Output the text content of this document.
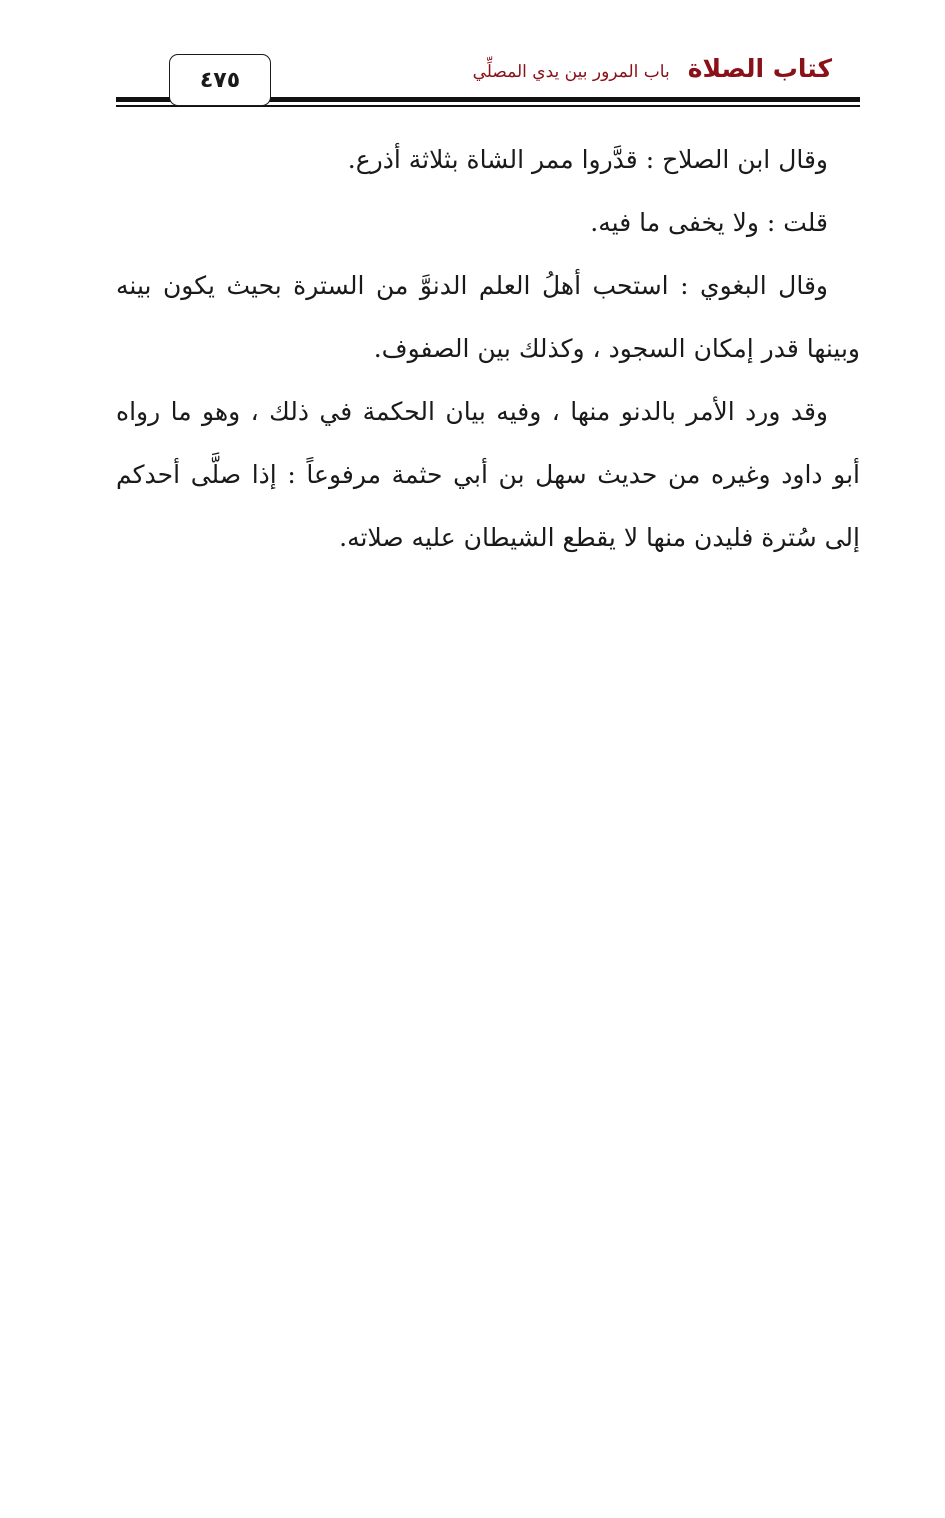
كتاب الصلاة
باب المرور بين يدي المصلِّي
٤٧٥

وقال ابن الصلاح : قدَّروا ممر الشاة بثلاثة أذرع.

قلت : ولا يخفى ما فيه.

وقال البغوي : استحب أهلُ العلم الدنوَّ من السترة بحيث يكون بينه وبينها قدر إمكان السجود ، وكذلك بين الصفوف.

وقد ورد الأمر بالدنو منها ، وفيه بيان الحكمة في ذلك ، وهو ما رواه أبو داود وغيره من حديث سهل بن أبي حثمة مرفوعاً : إذا صلَّى أحدكم إلى سُترة فليدن منها لا يقطع الشيطان عليه صلاته.
